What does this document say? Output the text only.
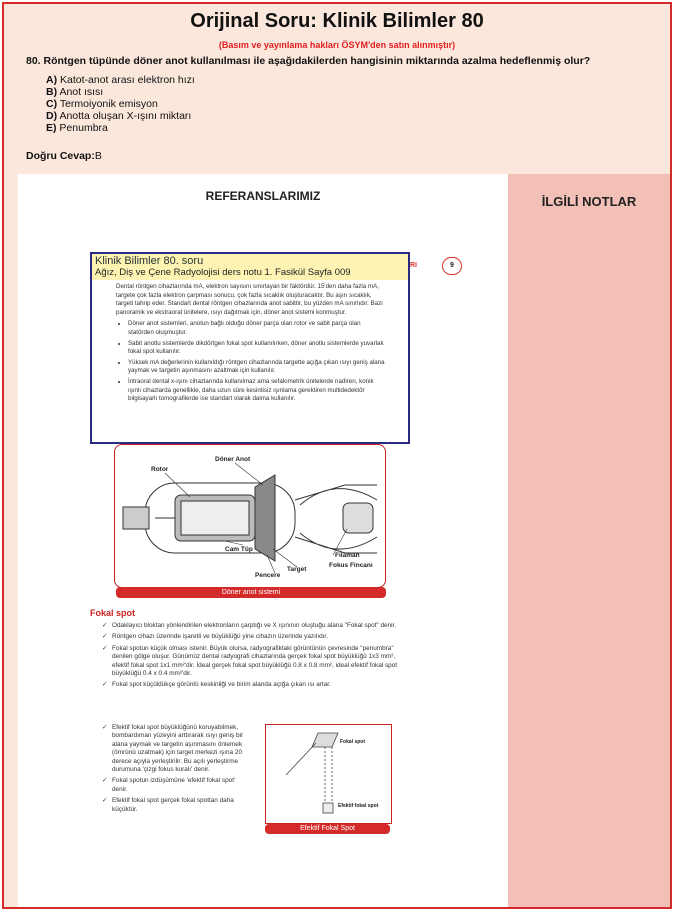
Orijinal Soru: Klinik Bilimler 80
(Basım ve yayınlama hakları ÖSYM'den satın alınmıştır)
80. Röntgen tüpünde döner anot kullanılması ile aşağıdakilerden hangisinin miktarında azalma hedeflenmiş olur?
A) Katot-anot arası elektron hızı
B) Anot ısısı
C) Termoiyonik emisyon
D) Anotta oluşan X-ışını miktarı
E) Penumbra
Doğru Cevap:B
REFERANSLARIMIZ
Klinik Bilimler 80. soru
Ağız, Diş ve Çene Radyolojisi ders notu 1. Fasikül Sayfa 009

Dental röntgen cihazlarında mA, elektron sayısını sınırlayan bir faktördür. 15'den daha fazla mA, targete çok fazla elektron çarpması sonucu, çok fazla sıcaklık oluşturacaktır. Bu aşırı sıcaklık, targeti tahrip eder. Standart dental röntgen cihazlarında anot sabittir, bu yüzden mA sınırlıdır. Bazı panoramik ve ekstraoral ünitelere, ısıyı dağıtmak için, döner anot sistemi konmuştur.

• Döner anot sistemleri, anotun bağlı olduğu döner parça olan rotor ve sabit parça olan statörden oluşmuştur.
• Sabit anotlu sistemlerde dikdörtgen fokal spot kullanılırken, döner anotlu sistemlerde yuvarlak fokal spot kullanılır.
• Yüksek mA değerlerinin kullanıldığı röntgen cihazlarında targette açığa çıkan ısıyı geniş alana yaymak ve targetin aşınmasını azaltmak için kullanılır.
• İntraoral dental x-ışını cihazlarında kullanılmaz ama sefalometrik ünitelerde nadiren, konik ışınlı cihazlarda genellikle, daha uzun süre kesintisiz ışınlama gerektiren multidedektör bilgisayarlı tomografilerde ise standart olarak daima kullanılır.
RI	9
Döner Anot
Rotor
Cam Tüp
Filaman
Fokus Fincanı
Target
Pencere
Döner anot sistemi
Fokal spot
✓ Odaklayıcı bloktan yönlendirilen elektronların çarptığı ve X ışınının oluştuğu alana "Fokal spot" denir.
✓ Röntgen cihazı üzerinde işaretli ve büyüklüğü yine cihazın üzerinde yazılıdır.
✓ Fokal spotun küçük olması istenir. Büyük olursa, radyografiktaki görüntünün çevresinde "penumbra" denilen gölge oluşur. Günümüz dental radyografi cihazlarında gerçek fokal spot büyüklüğü 1x3 mm², efektif fokal spot 1x1 mm²'dir. İdeal gerçek fokal spot büyüklüğü 0.8 x 0.8 mm², ideal efektif fokal spot büyüklüğü 0.4 x 0.4 mm²'dir.
✓ Fokal spot küçüldükçe görüntü keskinliği ve birim alanda açığa çıkan ısı artar.
✓ Efektif fokal spot büyüklüğünü koruyabilmek, bombardıman yüzeyini arttırarak ısıyı geniş bir alana yaymak ve targetin aşınmasını önlemek (ömrünü uzatmak) için target merkezi ışına 20 derece açıyla yerleştirilir. Bu açılı yerleştirme durumuna 'çizgi fokus kuralı' denir.
✓ Fokal spotun izdüşümüne 'efektif fokal spot' denir.
✓ Efektif fokal spot gerçek fokal spottan daha küçüktür.
Fokal spot
Efektif fokal spot
Efektif Fokal Spot
İLGİLİ NOTLAR
